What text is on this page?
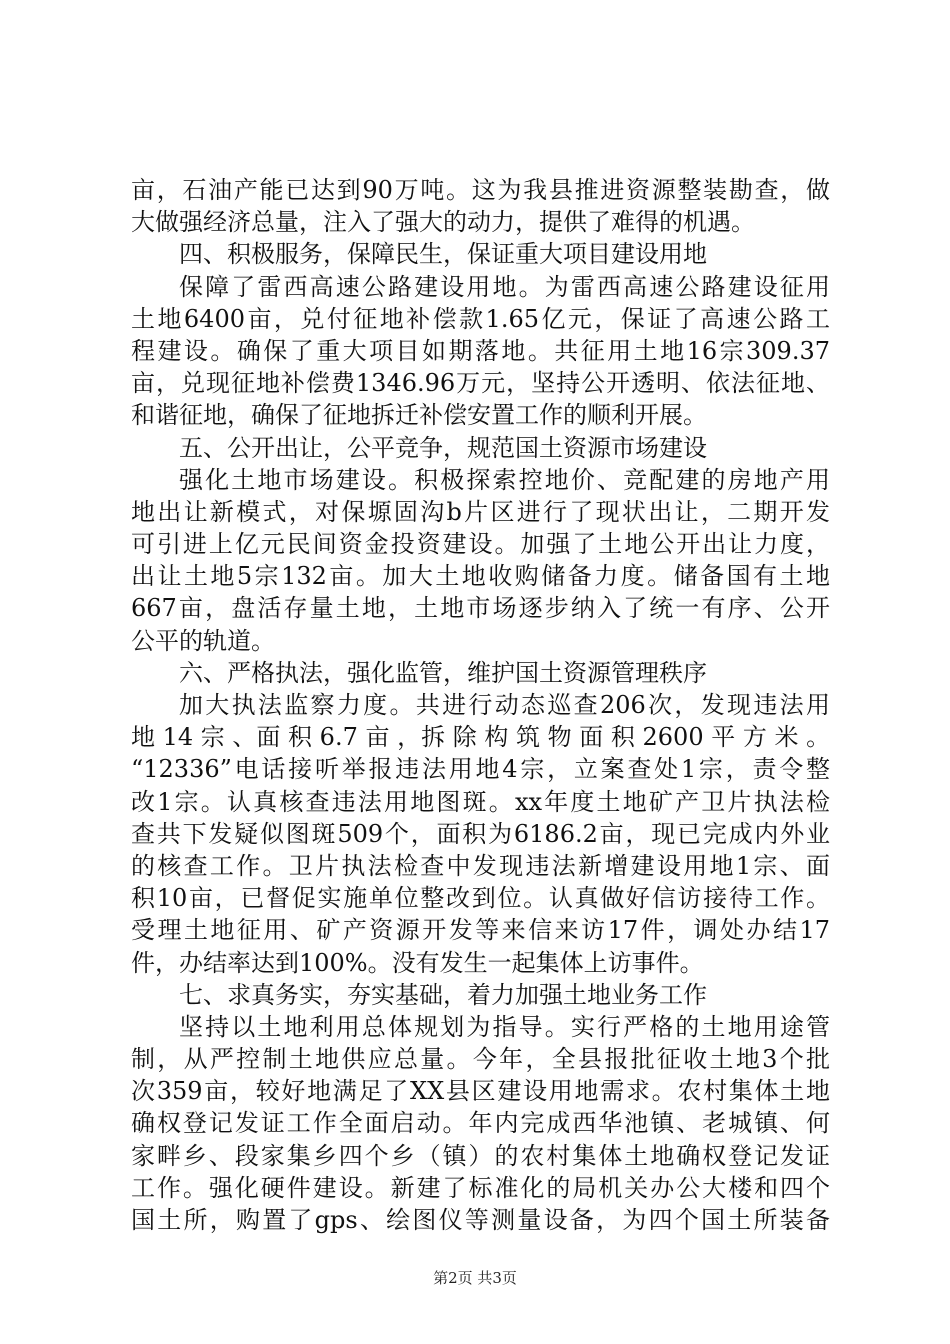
亩，石油产能已达到90万吨。这为我县推进资源整装勘查，做
大做强经济总量，注入了强大的动力，提供了难得的机遇。
四、积极服务，保障民生，保证重大项目建设用地
保障了雷西高速公路建设用地。为雷西高速公路建设征用
土地6400亩，兑付征地补偿款1.65亿元，保证了高速公路工
程建设。确保了重大项目如期落地。共征用土地16宗309.37
亩，兑现征地补偿费1346.96万元，坚持公开透明、依法征地、
和谐征地，确保了征地拆迁补偿安置工作的顺利开展。
五、公开出让，公平竞争，规范国土资源市场建设
强化土地市场建设。积极探索控地价、竞配建的房地产用
地出让新模式，对保塬固沟b片区进行了现状出让，二期开发
可引进上亿元民间资金投资建设。加强了土地公开出让力度，
出让土地5宗132亩。加大土地收购储备力度。储备国有土地
667亩，盘活存量土地，土地市场逐步纳入了统一有序、公开
公平的轨道。
六、严格执法，强化监管，维护国土资源管理秩序
加大执法监察力度。共进行动态巡查206次，发现违法用
地 14 宗 、面 积 6.7 亩 ，拆 除 构 筑 物 面 积 2600 平 方 米 。
“12336”电话接听举报违法用地4宗，立案查处1宗，责令整
改1宗。认真核查违法用地图斑。xx年度土地矿产卫片执法检
查共下发疑似图斑509个，面积为6186.2亩，现已完成内外业
的核查工作。卫片执法检查中发现违法新增建设用地1宗、面
积10亩，已督促实施单位整改到位。认真做好信访接待工作。
受理土地征用、矿产资源开发等来信来访17件，调处办结17
件，办结率达到100%。没有发生一起集体上访事件。
七、求真务实，夯实基础，着力加强土地业务工作
坚持以土地利用总体规划为指导。实行严格的土地用途管
制，从严控制土地供应总量。今年，全县报批征收土地3个批
次359亩，较好地满足了XX县区建设用地需求。农村集体土地
确权登记发证工作全面启动。年内完成西华池镇、老城镇、何
家畔乡、段家集乡四个乡（镇）的农村集体土地确权登记发证
工作。强化硬件建设。新建了标准化的局机关办公大楼和四个
国土所，购置了gps、绘图仪等测量设备，为四个国土所装备
第2页 共3页
